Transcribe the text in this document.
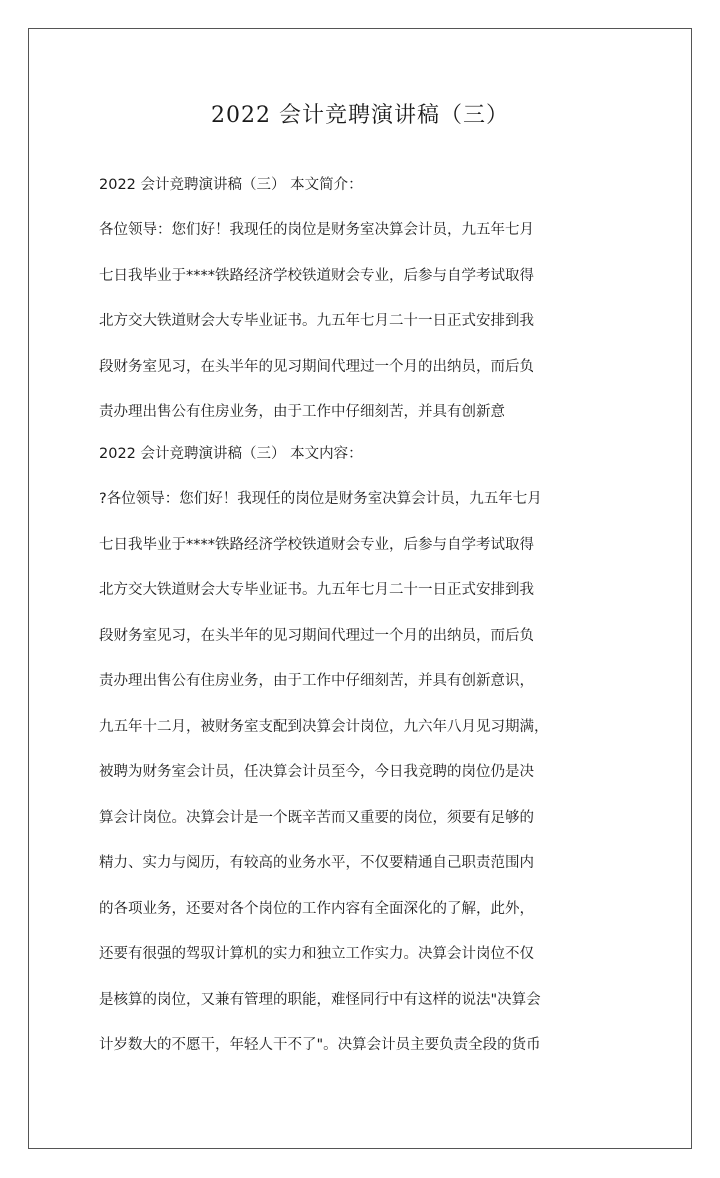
2022 会计竞聘演讲稿（三）
2022 会计竞聘演讲稿（三） 本文简介：
各位领导：您们好！我现任的岗位是财务室决算会计员，九五年七月
七日我毕业于****铁路经济学校铁道财会专业，后参与自学考试取得
北方交大铁道财会大专毕业证书。九五年七月二十一日正式安排到我
段财务室见习，在头半年的见习期间代理过一个月的出纳员，而后负
责办理出售公有住房业务，由于工作中仔细刻苦，并具有创新意
2022 会计竞聘演讲稿（三） 本文内容：
?各位领导：您们好！我现任的岗位是财务室决算会计员，九五年七月
七日我毕业于****铁路经济学校铁道财会专业，后参与自学考试取得
北方交大铁道财会大专毕业证书。九五年七月二十一日正式安排到我
段财务室见习，在头半年的见习期间代理过一个月的出纳员，而后负
责办理出售公有住房业务，由于工作中仔细刻苦，并具有创新意识，
九五年十二月，被财务室支配到决算会计岗位，九六年八月见习期满，
被聘为财务室会计员，任决算会计员至今，今日我竞聘的岗位仍是决
算会计岗位。决算会计是一个既辛苦而又重要的岗位，须要有足够的
精力、实力与阅历，有较高的业务水平，不仅要精通自己职责范围内
的各项业务，还要对各个岗位的工作内容有全面深化的了解，此外，
还要有很强的驾驭计算机的实力和独立工作实力。决算会计岗位不仅
是核算的岗位，又兼有管理的职能，难怪同行中有这样的说法"决算会
计岁数大的不愿干，年轻人干不了"。决算会计员主要负责全段的货币
